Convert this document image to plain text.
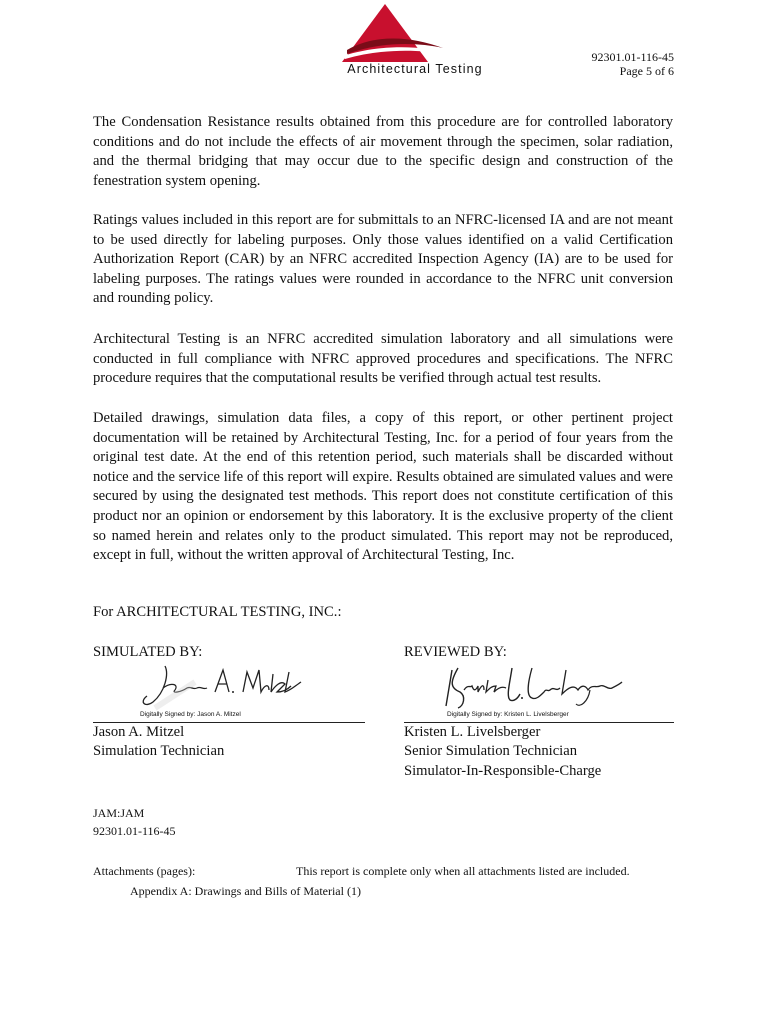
Architectural Testing
92301.01-116-45
Page 5 of 6

The Condensation Resistance results obtained from this procedure are for controlled laboratory conditions and do not include the effects of air movement through the specimen, solar radiation, and the thermal bridging that may occur due to the specific design and construction of the fenestration system opening.

Ratings values included in this report are for submittals to an NFRC-licensed IA and are not meant to be used directly for labeling purposes. Only those values identified on a valid Certification Authorization Report (CAR) by an NFRC accredited Inspection Agency (IA) are to be used for labeling purposes. The ratings values were rounded in accordance to the NFRC unit conversion and rounding policy.

Architectural Testing is an NFRC accredited simulation laboratory and all simulations were conducted in full compliance with NFRC approved procedures and specifications. The NFRC procedure requires that the computational results be verified through actual test results.

Detailed drawings, simulation data files, a copy of this report, or other pertinent project documentation will be retained by Architectural Testing, Inc. for a period of four years from the original test date. At the end of this retention period, such materials shall be discarded without notice and the service life of this report will expire. Results obtained are simulated values and were secured by using the designated test methods. This report does not constitute certification of this product nor an opinion or endorsement by this laboratory. It is the exclusive property of the client so named herein and relates only to the product simulated. This report may not be reproduced, except in full, without the written approval of Architectural Testing, Inc.

For ARCHITECTURAL TESTING, INC.:
SIMULATED BY:
Digitally Signed by: Jason A. Mitzel
Jason A. Mitzel
Simulation Technician
REVIEWED BY:
Digitally Signed by: Kristen L. Livelsberger
Kristen L. Livelsberger
Senior Simulation Technician
Simulator-In-Responsible-Charge
JAM:JAM
92301.01-116-45
Attachments (pages):	This report is complete only when all attachments listed are included.
Appendix A: Drawings and Bills of Material (1)
